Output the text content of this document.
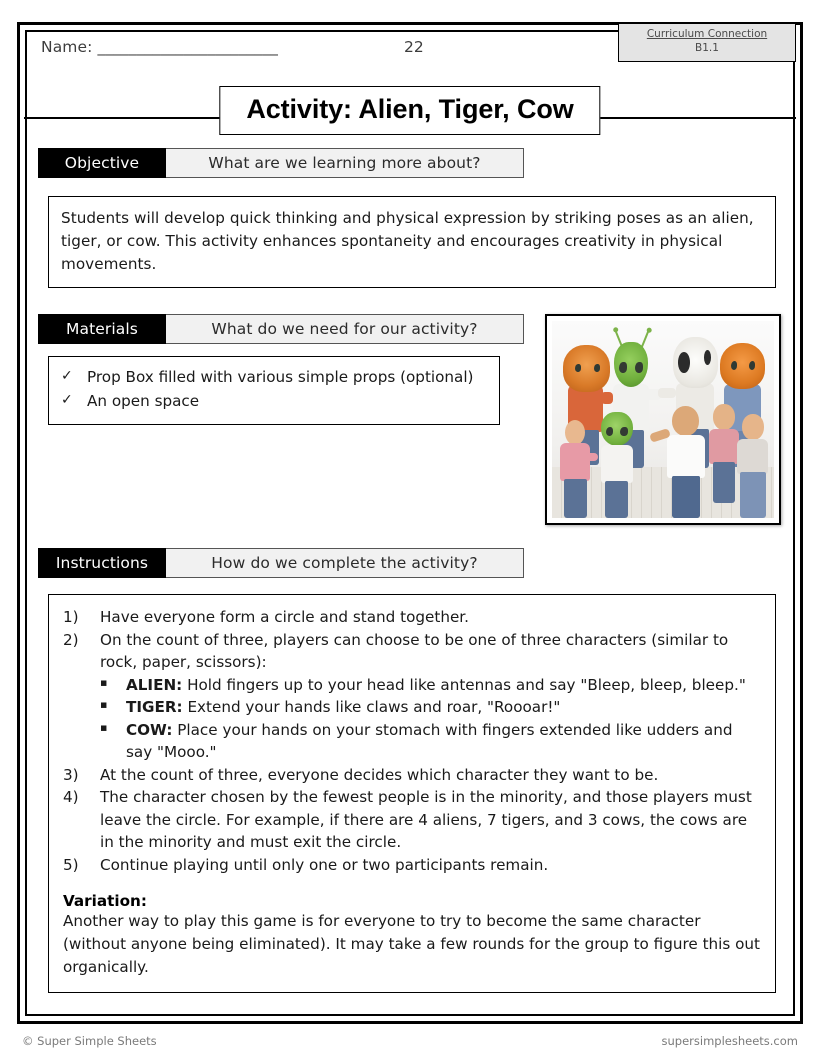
Name: _______________________	22
Curriculum Connection
B1.1
Activity: Alien, Tiger, Cow
Objective	What are we learning more about?
Students will develop quick thinking and physical expression by striking poses as an alien, tiger, or cow. This activity enhances spontaneity and encourages creativity in physical movements.
Materials	What do we need for our activity?
✓ Prop Box filled with various simple props (optional)
✓ An open space
Instructions	How do we complete the activity?
1)	Have everyone form a circle and stand together.
2)	On the count of three, players can choose to be one of three characters (similar to rock, paper, scissors):
▪	ALIEN: Hold fingers up to your head like antennas and say "Bleep, bleep, bleep."
▪	TIGER: Extend your hands like claws and roar, "Roooar!"
▪	COW: Place your hands on your stomach with fingers extended like udders and say "Mooo."
3)	At the count of three, everyone decides which character they want to be.
4)	The character chosen by the fewest people is in the minority, and those players must leave the circle. For example, if there are 4 aliens, 7 tigers, and 3 cows, the cows are in the minority and must exit the circle.
5)	Continue playing until only one or two participants remain.
Variation:
Another way to play this game is for everyone to try to become the same character (without anyone being eliminated). It may take a few rounds for the group to figure this out organically.
© Super Simple Sheets	supersimplesheets.com
